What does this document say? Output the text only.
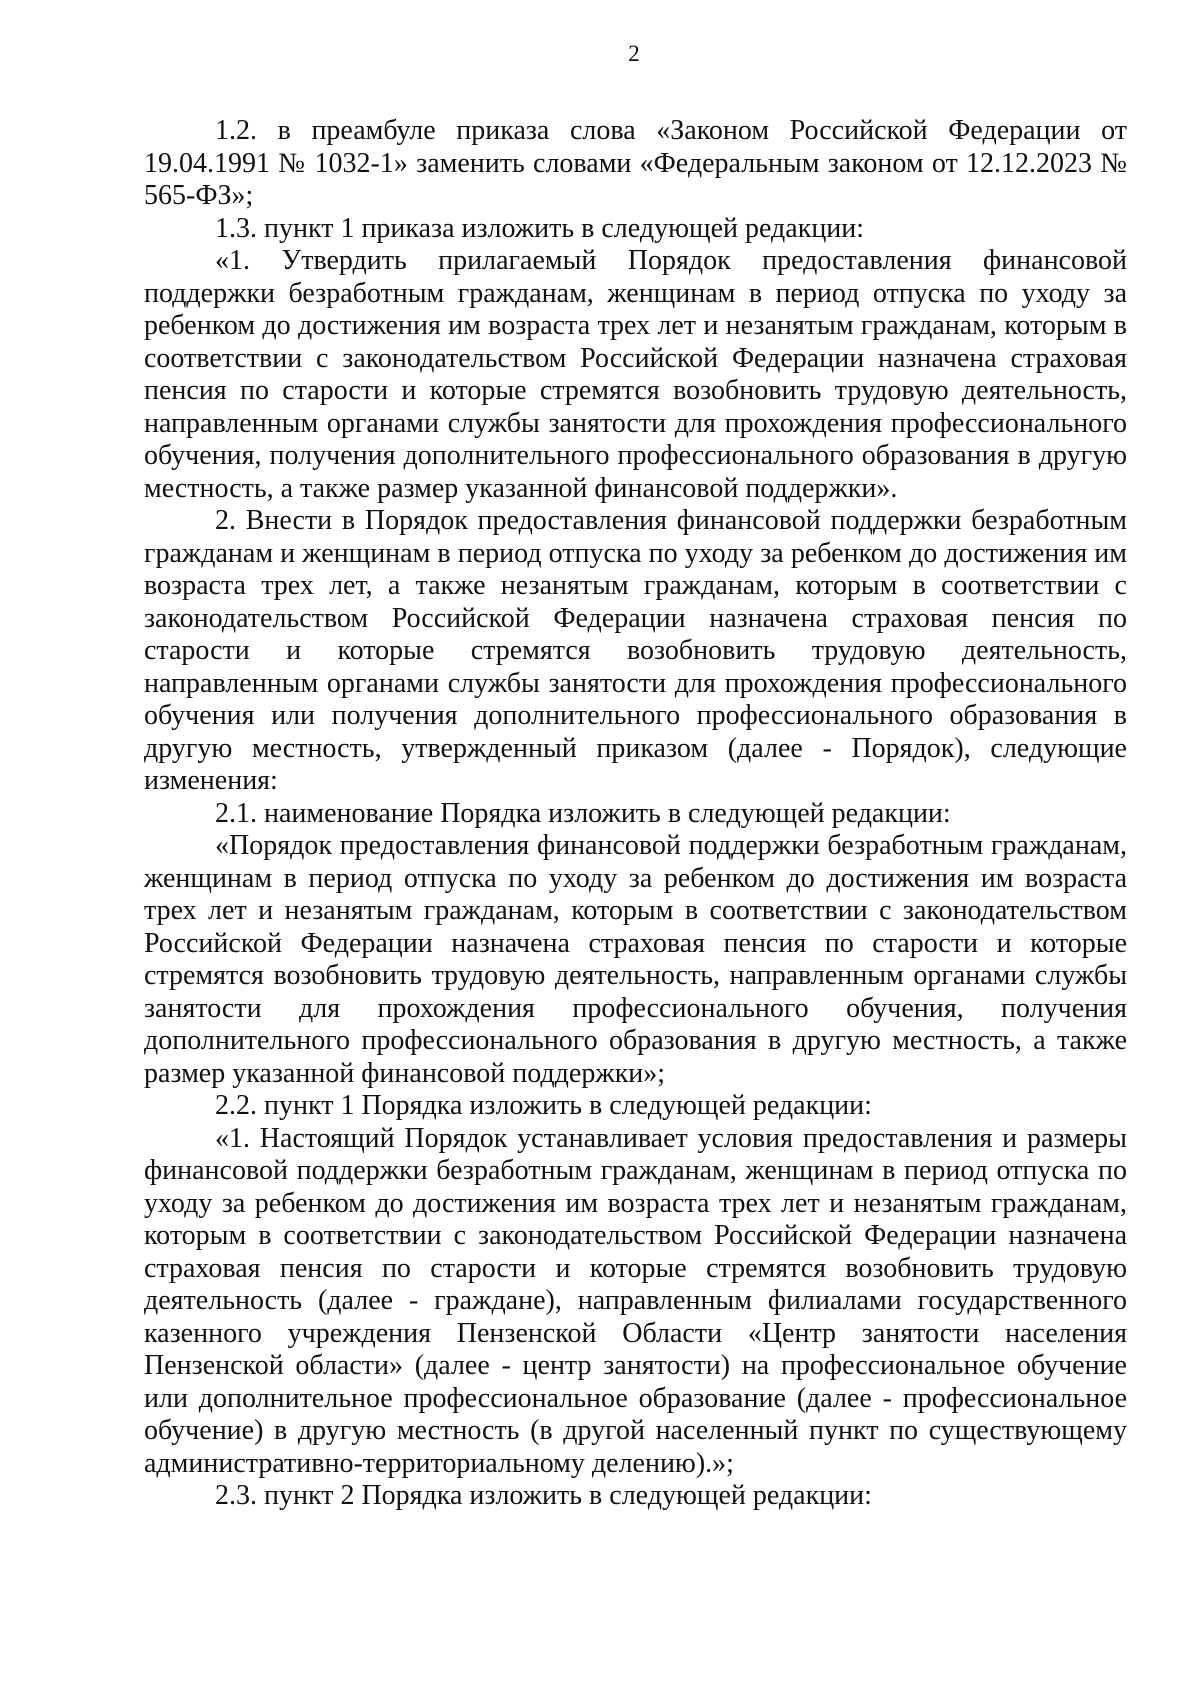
2

1.2. в преамбуле приказа слова «Законом Российской Федерации от 19.04.1991 № 1032-1» заменить словами «Федеральным законом от 12.12.2023 № 565-ФЗ»;

1.3. пункт 1 приказа изложить в следующей редакции:

«1. Утвердить прилагаемый Порядок предоставления финансовой поддержки безработным гражданам, женщинам в период отпуска по уходу за ребенком до достижения им возраста трех лет и незанятым гражданам, которым в соответствии с законодательством Российской Федерации назначена страховая пенсия по старости и которые стремятся возобновить трудовую деятельность, направленным органами службы занятости для прохождения профессионального обучения, получения дополнительного профессионального образования в другую местность, а также размер указанной финансовой поддержки».

2. Внести в Порядок предоставления финансовой поддержки безработным гражданам и женщинам в период отпуска по уходу за ребенком до достижения им возраста трех лет, а также незанятым гражданам, которым в соответствии с законодательством Российской Федерации назначена страховая пенсия по старости и которые стремятся возобновить трудовую деятельность, направленным органами службы занятости для прохождения профессионального обучения или получения дополнительного профессионального образования в другую местность, утвержденный приказом (далее - Порядок), следующие изменения:

2.1. наименование Порядка изложить в следующей редакции:

«Порядок предоставления финансовой поддержки безработным гражданам, женщинам в период отпуска по уходу за ребенком до достижения им возраста трех лет и незанятым гражданам, которым в соответствии с законодательством Российской Федерации назначена страховая пенсия по старости и которые стремятся возобновить трудовую деятельность, направленным органами службы занятости для прохождения профессионального обучения, получения дополнительного профессионального образования в другую местность, а также размер указанной финансовой поддержки»;

2.2. пункт 1 Порядка изложить в следующей редакции:

«1. Настоящий Порядок устанавливает условия предоставления и размеры финансовой поддержки безработным гражданам, женщинам в период отпуска по уходу за ребенком до достижения им возраста трех лет и незанятым гражданам, которым в соответствии с законодательством Российской Федерации назначена страховая пенсия по старости и которые стремятся возобновить трудовую деятельность (далее - граждане), направленным филиалами государственного казенного учреждения Пензенской Области «Центр занятости населения Пензенской области» (далее - центр занятости) на профессиональное обучение или дополнительное профессиональное образование (далее - профессиональное обучение) в другую местность (в другой населенный пункт по существующему административно-территориальному делению).»;

2.3. пункт 2 Порядка изложить в следующей редакции:
